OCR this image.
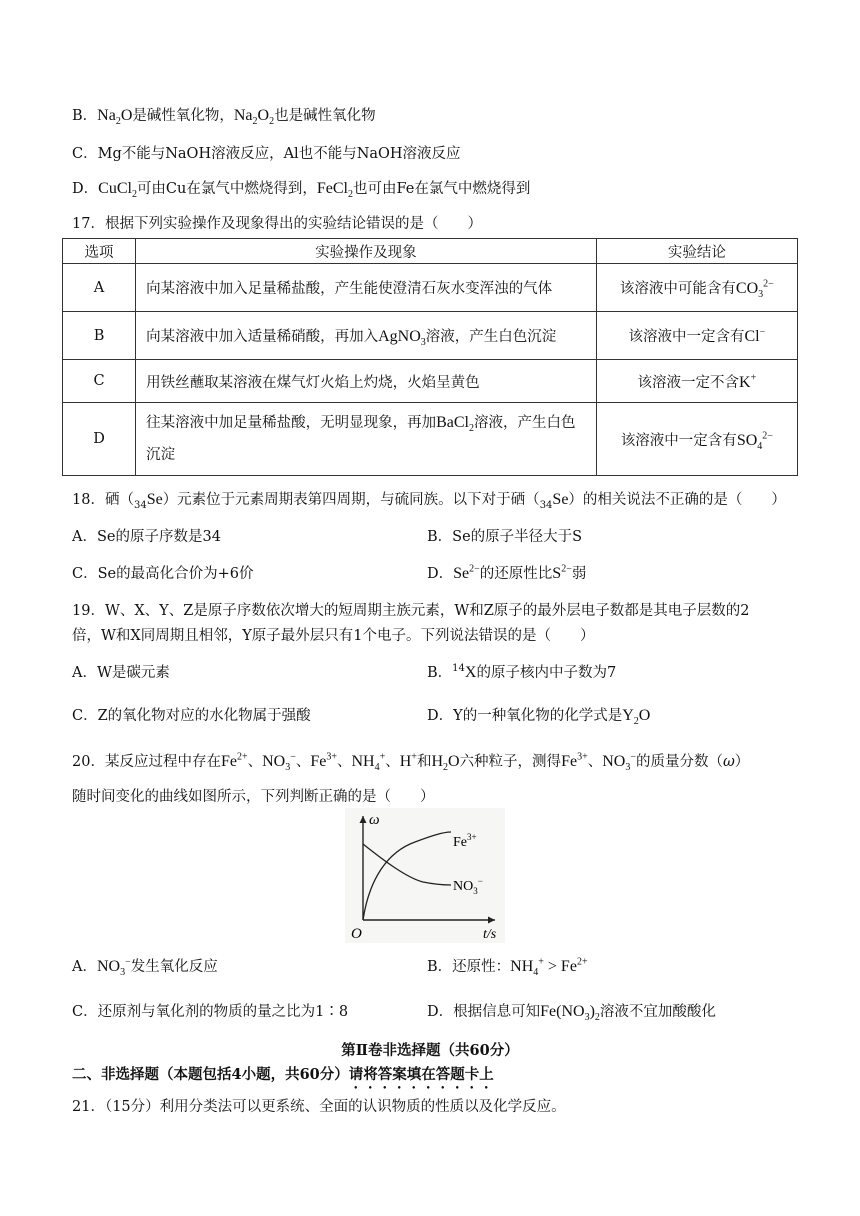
B．$Na_2O$是碱性氧化物，$Na_2O_2$也是碱性氧化物
C．Mg不能与NaOH溶液反应，Al也不能与NaOH溶液反应
D．CuCl$_2$可由Cu在氯气中燃烧得到，FeCl$_2$也可由Fe在氯气中燃烧得到
17．根据下列实验操作及现象得出的实验结论错误的是（　　）
选项	实验操作及现象	实验结论
A	向某溶液中加入足量稀盐酸，产生能使澄清石灰水变浑浊的气体	该溶液中可能含有$CO_3^{2-}$
B	向某溶液中加入适量稀硝酸，再加入AgNO$_3$溶液，产生白色沉淀	该溶液中一定含有Cl−
C	用铁丝蘸取某溶液在煤气灯火焰上灼烧，火焰呈黄色	该溶液一定不含K+
D	往某溶液中加足量稀盐酸，无明显现象，再加BaCl$_2$溶液，产生白色沉淀	该溶液中一定含有$SO_4^{2-}$
18．硒$(_{34}Se)$元素位于元素周期表第四周期，与硫同族。以下对于硒$(_{34}Se)$的相关说法不正确的是（　　）
A．Se的原子序数是34	B．Se的原子半径大于S
C．Se的最高化合价为+6价	D．$Se^{2-}$的还原性比$S^{2-}$弱
19．W、X、Y、Z是原子序数依次增大的短周期主族元素，W和Z原子的最外层电子数都是其电子层数的2
倍，W和X同周期且相邻，Y原子最外层只有1个电子。下列说法错误的是（　　）
A．W是碳元素	B．$^{14}$X的原子核内中子数为7
C．Z的氧化物对应的水化物属于强酸	D．Y的一种氧化物的化学式是$Y_2O$
20．某反应过程中存在$Fe^{2+}$、$NO_3^-$、$Fe^{3+}$、$NH_4^+$、H+和$H_2O$六种粒子，测得$Fe^{3+}$、$NO_3^-$的质量分数（ω）
随时间变化的曲线如图所示，下列判断正确的是（　　）
ω
t/s
O
$Fe^{3+}$
$NO_3^-$
A．$NO_3^-$发生氧化反应	B．还原性：$NH_4^+ > Fe^{2+}$
C．还原剂与氧化剂的物质的量之比为1∶8	D．根据信息可知$Fe(NO_3)_2$溶液不宜加酸酸化
第Ⅱ卷非选择题（共60分）
二、非选择题（本题包括4小题，共60分）请将答案填在答题卡上
21．（15分）利用分类法可以更系统、全面的认识物质的性质以及化学反应。
